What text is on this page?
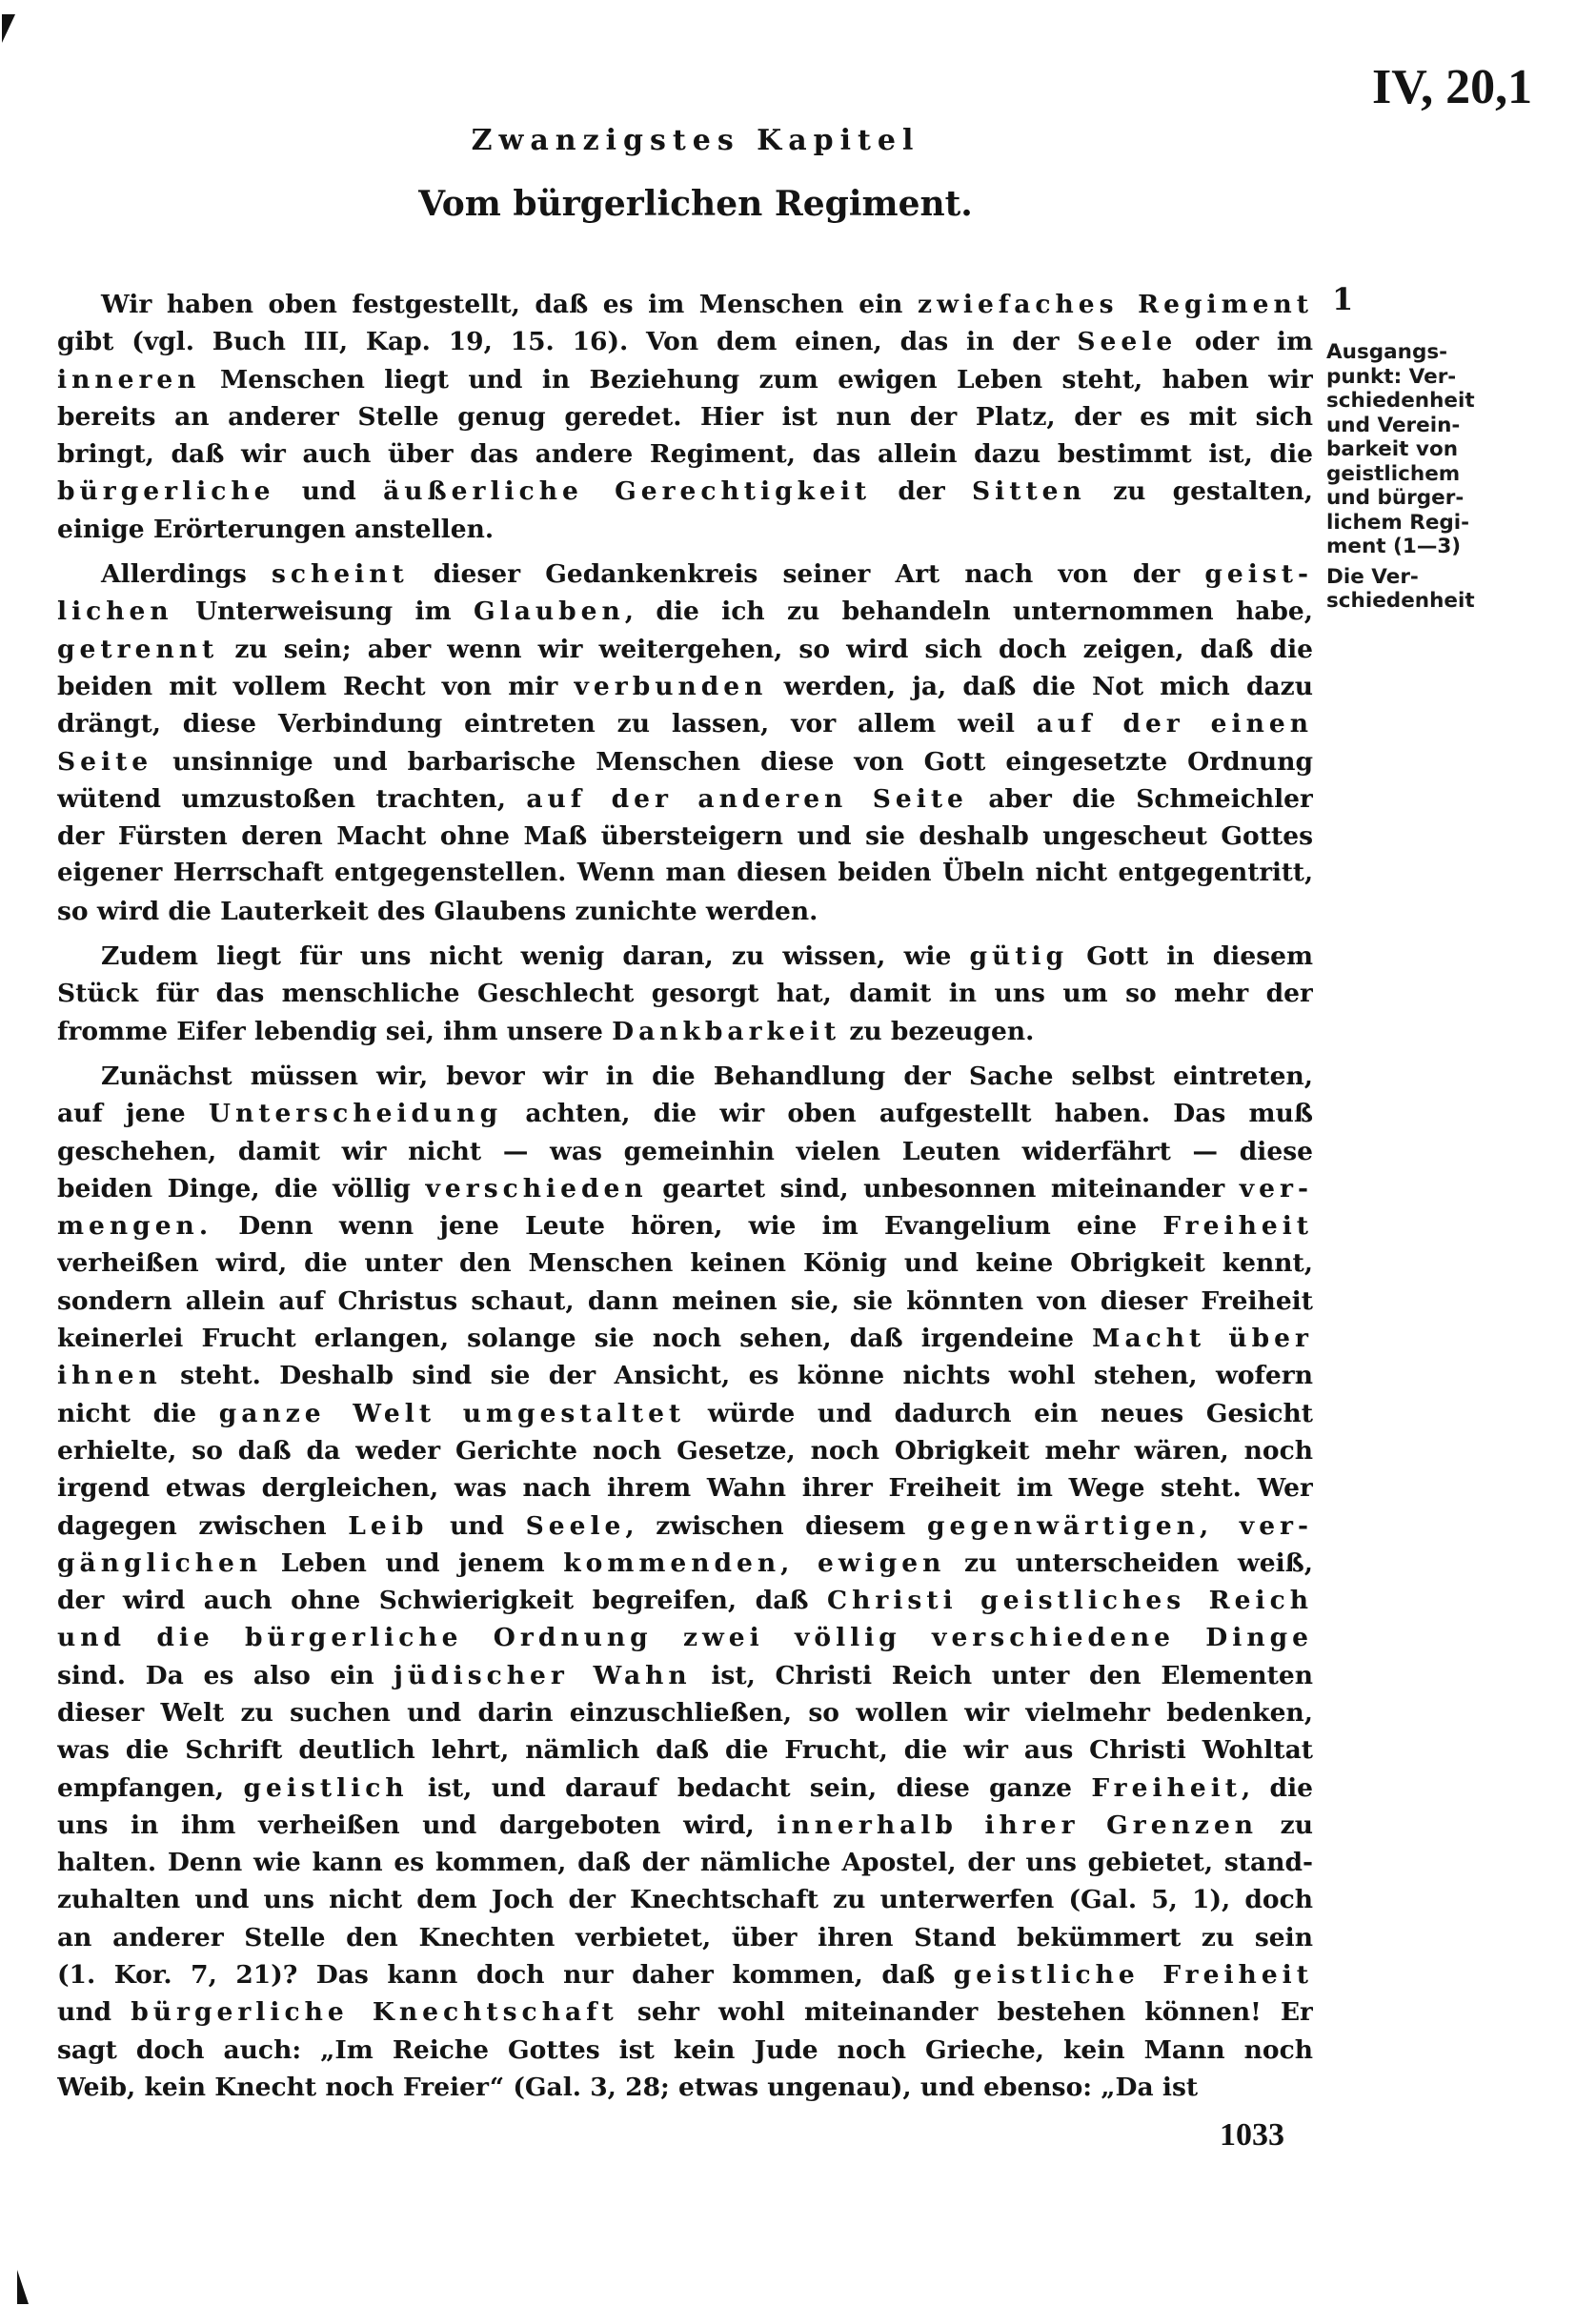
IV, 20,1
Zwanzigstes Kapitel
Vom bürgerlichen Regiment.
1
Ausgangs-
punkt: Ver-
schiedenheit
und Verein-
barkeit von
geistlichem
und bürger-
lichem Regi-
ment (1—3)
Die Ver-
schiedenheit

Wir haben oben festgestellt, daß es im Menschen ein zwiefaches Regiment
gibt (vgl. Buch III, Kap. 19, 15. 16). Von dem einen, das in der Seele oder im
inneren Menschen liegt und in Beziehung zum ewigen Leben steht, haben wir
bereits an anderer Stelle genug geredet. Hier ist nun der Platz, der es mit sich
bringt, daß wir auch über das andere Regiment, das allein dazu bestimmt ist, die
bürgerliche und äußerliche Gerechtigkeit der Sitten zu gestalten,
einige Erörterungen anstellen.

Allerdings scheint dieser Gedankenkreis seiner Art nach von der geist-
lichen Unterweisung im Glauben, die ich zu behandeln unternommen habe,
getrennt zu sein; aber wenn wir weitergehen, so wird sich doch zeigen, daß die
beiden mit vollem Recht von mir verbunden werden, ja, daß die Not mich dazu
drängt, diese Verbindung eintreten zu lassen, vor allem weil auf der einen
Seite unsinnige und barbarische Menschen diese von Gott eingesetzte Ordnung
wütend umzustoßen trachten, auf der anderen Seite aber die Schmeichler
der Fürsten deren Macht ohne Maß übersteigern und sie deshalb ungescheut Gottes
eigener Herrschaft entgegenstellen. Wenn man diesen beiden Übeln nicht entgegentritt,
so wird die Lauterkeit des Glaubens zunichte werden.

Zudem liegt für uns nicht wenig daran, zu wissen, wie gütig Gott in diesem
Stück für das menschliche Geschlecht gesorgt hat, damit in uns um so mehr der
fromme Eifer lebendig sei, ihm unsere Dankbarkeit zu bezeugen.

Zunächst müssen wir, bevor wir in die Behandlung der Sache selbst eintreten,
auf jene Unterscheidung achten, die wir oben aufgestellt haben. Das muß
geschehen, damit wir nicht — was gemeinhin vielen Leuten widerfährt — diese
beiden Dinge, die völlig verschieden geartet sind, unbesonnen miteinander ver-
mengen. Denn wenn jene Leute hören, wie im Evangelium eine Freiheit
verheißen wird, die unter den Menschen keinen König und keine Obrigkeit kennt,
sondern allein auf Christus schaut, dann meinen sie, sie könnten von dieser Freiheit
keinerlei Frucht erlangen, solange sie noch sehen, daß irgendeine Macht über
ihnen steht. Deshalb sind sie der Ansicht, es könne nichts wohl stehen, wofern
nicht die ganze Welt umgestaltet würde und dadurch ein neues Gesicht
erhielte, so daß da weder Gerichte noch Gesetze, noch Obrigkeit mehr wären, noch
irgend etwas dergleichen, was nach ihrem Wahn ihrer Freiheit im Wege steht. Wer
dagegen zwischen Leib und Seele, zwischen diesem gegenwärtigen, ver-
gänglichen Leben und jenem kommenden, ewigen zu unterscheiden weiß,
der wird auch ohne Schwierigkeit begreifen, daß Christi geistliches Reich
und die bürgerliche Ordnung zwei völlig verschiedene Dinge
sind. Da es also ein jüdischer Wahn ist, Christi Reich unter den Elementen
dieser Welt zu suchen und darin einzuschließen, so wollen wir vielmehr bedenken,
was die Schrift deutlich lehrt, nämlich daß die Frucht, die wir aus Christi Wohltat
empfangen, geistlich ist, und darauf bedacht sein, diese ganze Freiheit, die
uns in ihm verheißen und dargeboten wird, innerhalb ihrer Grenzen zu
halten. Denn wie kann es kommen, daß der nämliche Apostel, der uns gebietet, stand-
zuhalten und uns nicht dem Joch der Knechtschaft zu unterwerfen (Gal. 5, 1), doch
an anderer Stelle den Knechten verbietet, über ihren Stand bekümmert zu sein
(1. Kor. 7, 21)? Das kann doch nur daher kommen, daß geistliche Freiheit
und bürgerliche Knechtschaft sehr wohl miteinander bestehen können! Er
sagt doch auch: „Im Reiche Gottes ist kein Jude noch Grieche, kein Mann noch
Weib, kein Knecht noch Freier“ (Gal. 3, 28; etwas ungenau), und ebenso: „Da ist

1033
